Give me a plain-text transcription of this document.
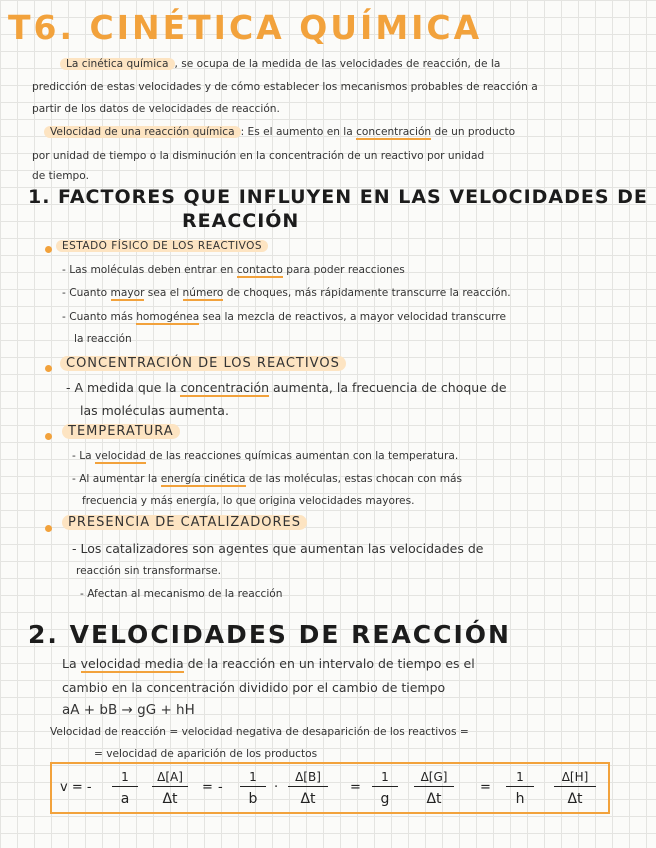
T6. CINÉTICA QUÍMICA
La cinética química , se ocupa de la medida de las velocidades de reacción, de la
predicción de estas velocidades y de cómo establecer los mecanismos probables de reacción a
partir de los datos de velocidades de reacción.
Velocidad de una reacción química : Es el aumento en la concentración de un producto
por unidad de tiempo o la disminución en la concentración de un reactivo por unidad
de tiempo.
1. FACTORES QUE INFLUYEN EN LAS VELOCIDADES DE
REACCIÓN
ESTADO FÍSICO DE LOS REACTIVOS
- Las moléculas deben entrar en contacto para poder reacciones
- Cuanto mayor sea el número de choques, más rápidamente transcurre la reacción.
- Cuanto más homogénea sea la mezcla de reactivos, a mayor velocidad transcurre
la reacción
CONCENTRACIÓN DE LOS REACTIVOS
- A medida que la concentración aumenta, la frecuencia de choque de
las moléculas aumenta.
TEMPERATURA
- La velocidad de las reacciones químicas aumentan con la temperatura.
- Al aumentar la energía cinética de las moléculas, estas chocan con más
frecuencia y más energía, lo que origina velocidades mayores.
PRESENCIA DE CATALIZADORES
- Los catalizadores son agentes que aumentan las velocidades de
reacción sin transformarse.
- Afectan al mecanismo de la reacción
2. VELOCIDADES DE REACCIÓN
La velocidad media de la reacción en un intervalo de tiempo es el
cambio en la concentración dividido por el cambio de tiempo
aA + bB → gG + hH
Velocidad de reacción = velocidad negativa de desaparición de los reactivos =
= velocidad de aparición de los productos
v = - $\frac{1}{a} \frac{\Delta[A]}{\Delta t}$ = - $\frac{1}{b} \cdot \frac{\Delta[B]}{\Delta t} = \frac{1}{g} \frac{\Delta[G]}{\Delta t} = \frac{1}{h} \frac{\Delta[H]}{\Delta t}$
